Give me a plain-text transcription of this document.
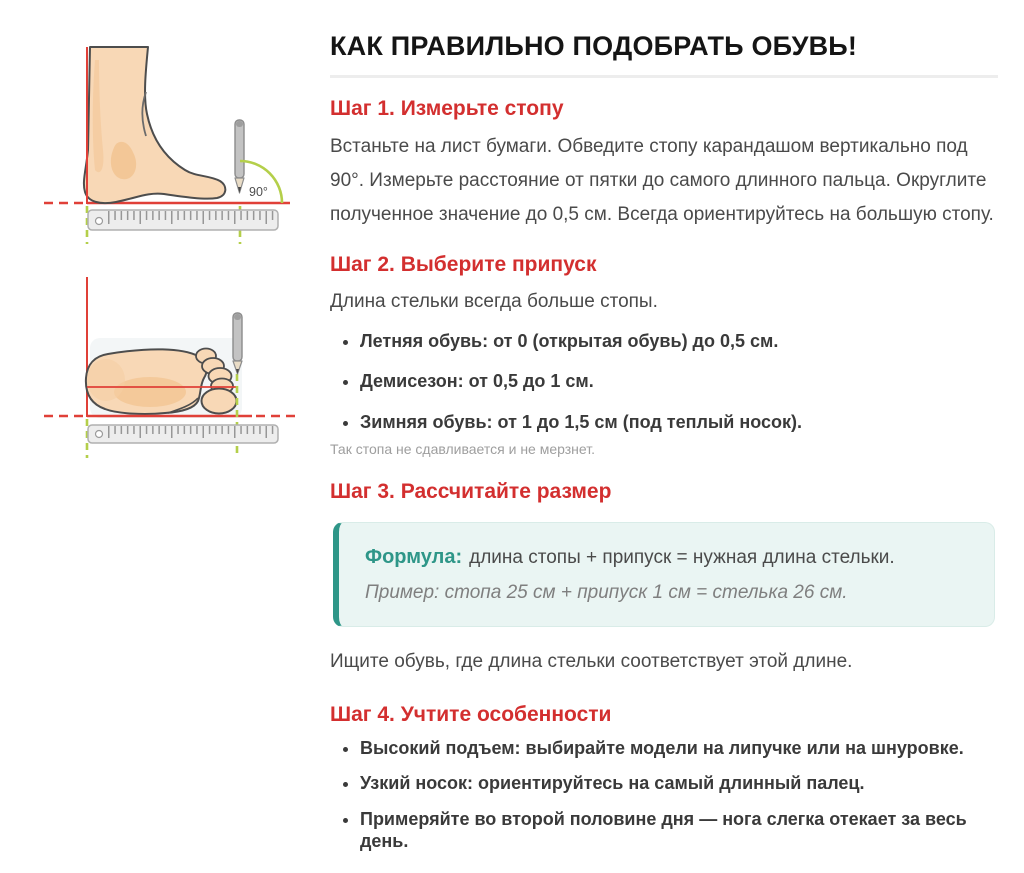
90°
КАК ПРАВИЛЬНО ПОДОБРАТЬ ОБУВЬ!
Шаг 1. Измерьте стопу

Встаньте на лист бумаги. Обведите стопу карандашом вертикально под 90°. Измерьте расстояние от пятки до самого длинного пальца. Округлите полученное значение до 0,5 см. Всегда ориентируйтесь на большую стопу.

Шаг 2. Выберите припуск

Длина стельки всегда больше стопы.

• Летняя обувь: от 0 (открытая обувь) до 0,5 см.
• Демисезон: от 0,5 до 1 см.
• Зимняя обувь: от 1 до 1,5 см (под теплый носок).

Так стопа не сдавливается и не мерзнет.

Шаг 3. Рассчитайте размер
Формула: длина стопы + припуск = нужная длина стельки.
Пример: стопа 25 см + припуск 1 см = стелька 26 см.

Ищите обувь, где длина стельки соответствует этой длине.

Шаг 4. Учтите особенности
• Высокий подъем: выбирайте модели на липучке или на шнуровке.
• Узкий носок: ориентируйтесь на самый длинный палец.
• Примеряйте во второй половине дня — нога слегка отекает за весь день.
